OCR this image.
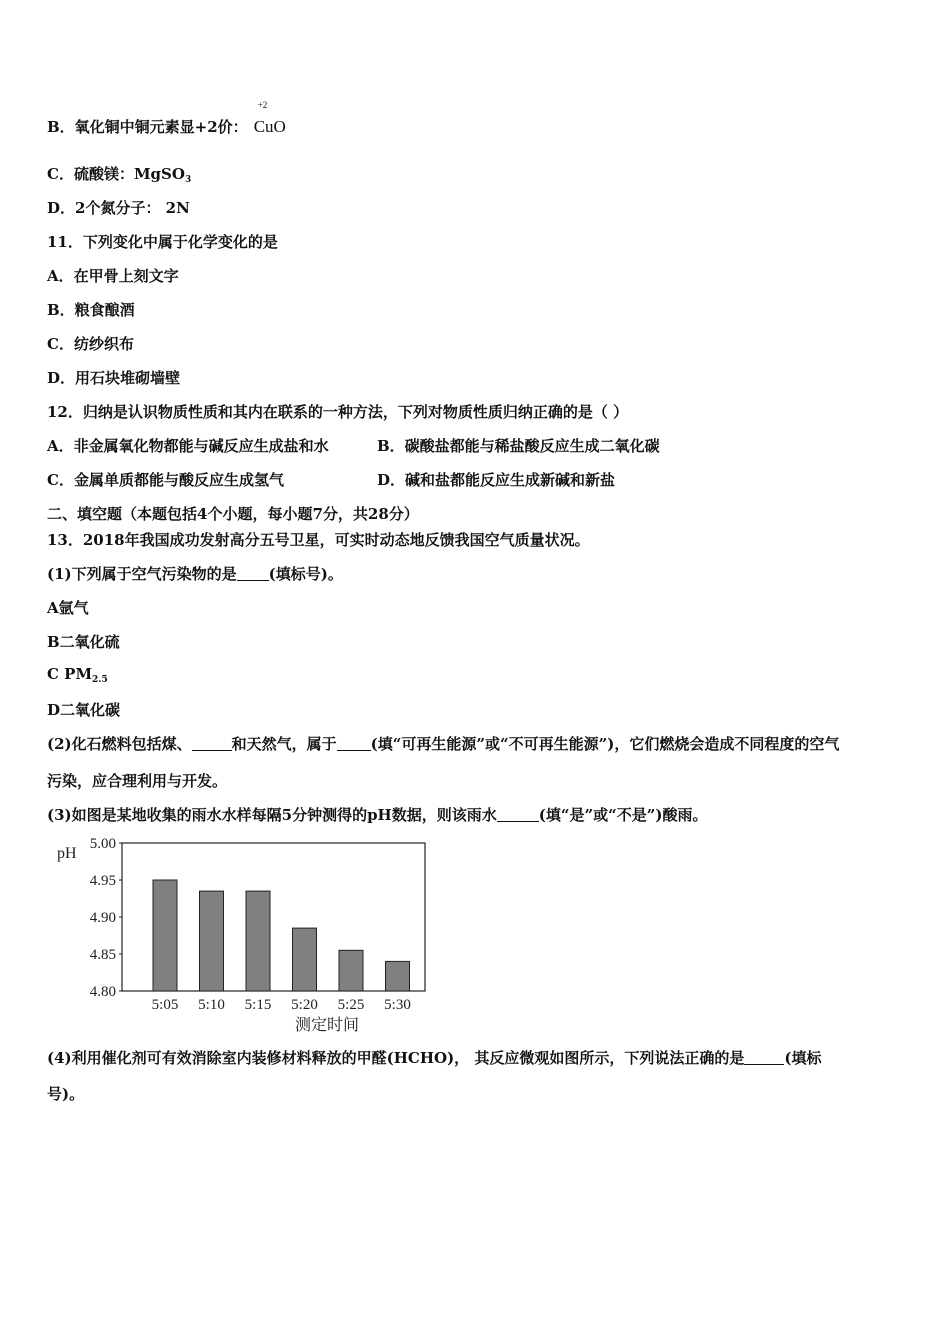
B．氧化铜中铜元素显+2价：
+2
CuO
C．硫酸镁：MgSO$_3$
D．2个氮分子： 2N
11．下列变化中属于化学变化的是
A．在甲骨上刻文字
B．粮食酿酒
C．纺纱织布
D．用石块堆砌墙壁
12．归纳是认识物质性质和其内在联系的一种方法，下列对物质性质归纳正确的是（ ）
A．非金属氧化物都能与碱反应生成盐和水	B．碳酸盐都能与稀盐酸反应生成二氧化碳
C．金属单质都能与酸反应生成氢气	D．碱和盐都能反应生成新碱和新盐
二、填空题（本题包括4个小题，每小题7分，共28分）
13．2018年我国成功发射高分五号卫星，可实时动态地反馈我国空气质量状况。
(1)下列属于空气污染物的是 (填标号)。
A氩气
B二氧化硫
C $PM_{2.5}$
D二氧化碳
(2)化石燃料包括煤、	和天然气，属于 (填“可再生能源”或“不可再生能源”)，它们燃烧会造成不同程度的空气
污染，应合理利用与开发。
(3)如图是某地收集的雨水水样每隔5分钟测得的pH数据，则该雨水	(填“是”或“不是”)酸雨。
pH
5.00
4.95
4.90
4.85
4.80
5:05 5:10 5:15 5:20 5:25 5:30
测定时间
(4)利用催化剂可有效消除室内装修材料释放的甲醛(HCHO)， 其反应微观如图所示，下列说法正确的是	(填标
号)。
